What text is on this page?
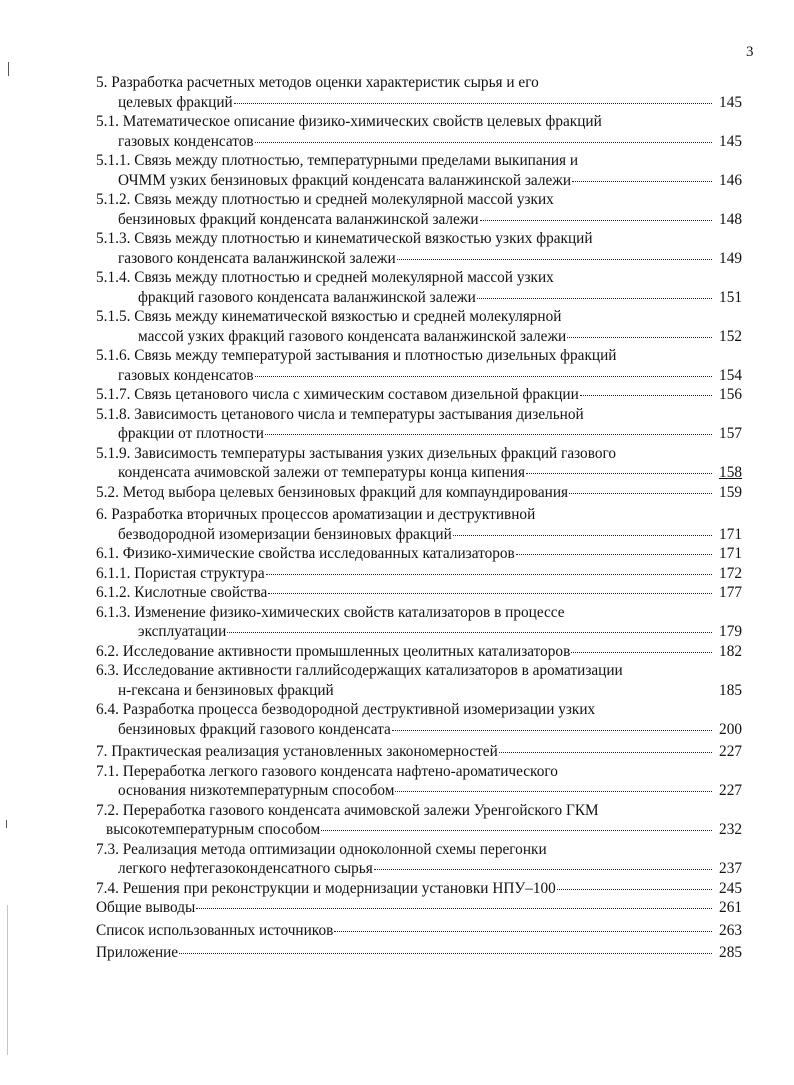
3
5. Разработка расчетных методов оценки характеристик сырья и его
целевых фракций	145
5.1. Математическое описание физико-химических свойств целевых фракций
газовых конденсатов	145
5.1.1. Связь между плотностью, температурными пределами выкипания и
ОЧММ узких бензиновых фракций конденсата валанжинской залежи	146
5.1.2. Связь между плотностью и средней молекулярной массой узких
бензиновых фракций конденсата валанжинской залежи	148
5.1.3. Связь между плотностью и кинематической вязкостью узких фракций
газового конденсата валанжинской залежи	149
5.1.4. Связь между плотностью и средней молекулярной массой узких
фракций газового конденсата валанжинской залежи	151
5.1.5. Связь между кинематической вязкостью и средней молекулярной
массой узких фракций газового конденсата валанжинской залежи	152
5.1.6. Связь между температурой застывания и плотностью дизельных фракций
газовых конденсатов	154
5.1.7. Связь цетанового числа с химическим составом дизельной фракции	156
5.1.8. Зависимость цетанового числа и температуры застывания дизельной
фракции от плотности	157
5.1.9. Зависимость температуры застывания узких дизельных фракций газового
конденсата ачимовской залежи от температуры конца кипения	158
5.2. Метод выбора целевых бензиновых фракций для компаундирования	159
6. Разработка вторичных процессов ароматизации и деструктивной
безводородной изомеризации бензиновых фракций	171
6.1. Физико-химические свойства исследованных катализаторов	171
6.1.1. Пористая структура	172
6.1.2. Кислотные свойства	177
6.1.3. Изменение физико-химических свойств катализаторов в процессе
эксплуатации	179
6.2. Исследование активности промышленных цеолитных катализаторов	182
6.3. Исследование активности галлийсодержащих катализаторов в ароматизации
н-гексана и бензиновых фракций	185
6.4. Разработка процесса безводородной деструктивной изомеризации узких
бензиновых фракций газового конденсата	200
7. Практическая реализация установленных закономерностей	227
7.1. Переработка легкого газового конденсата нафтено-ароматического
основания низкотемпературным способом	227
7.2. Переработка газового конденсата ачимовской залежи Уренгойского ГКМ
высокотемпературным способом	232
7.3. Реализация метода оптимизации одноколонной схемы перегонки
легкого нефтегазоконденсатного сырья	237
7.4. Решения при реконструкции и модернизации установки НПУ–100	245
Общие выводы	261
Список использованных источников	263
Приложение	285
